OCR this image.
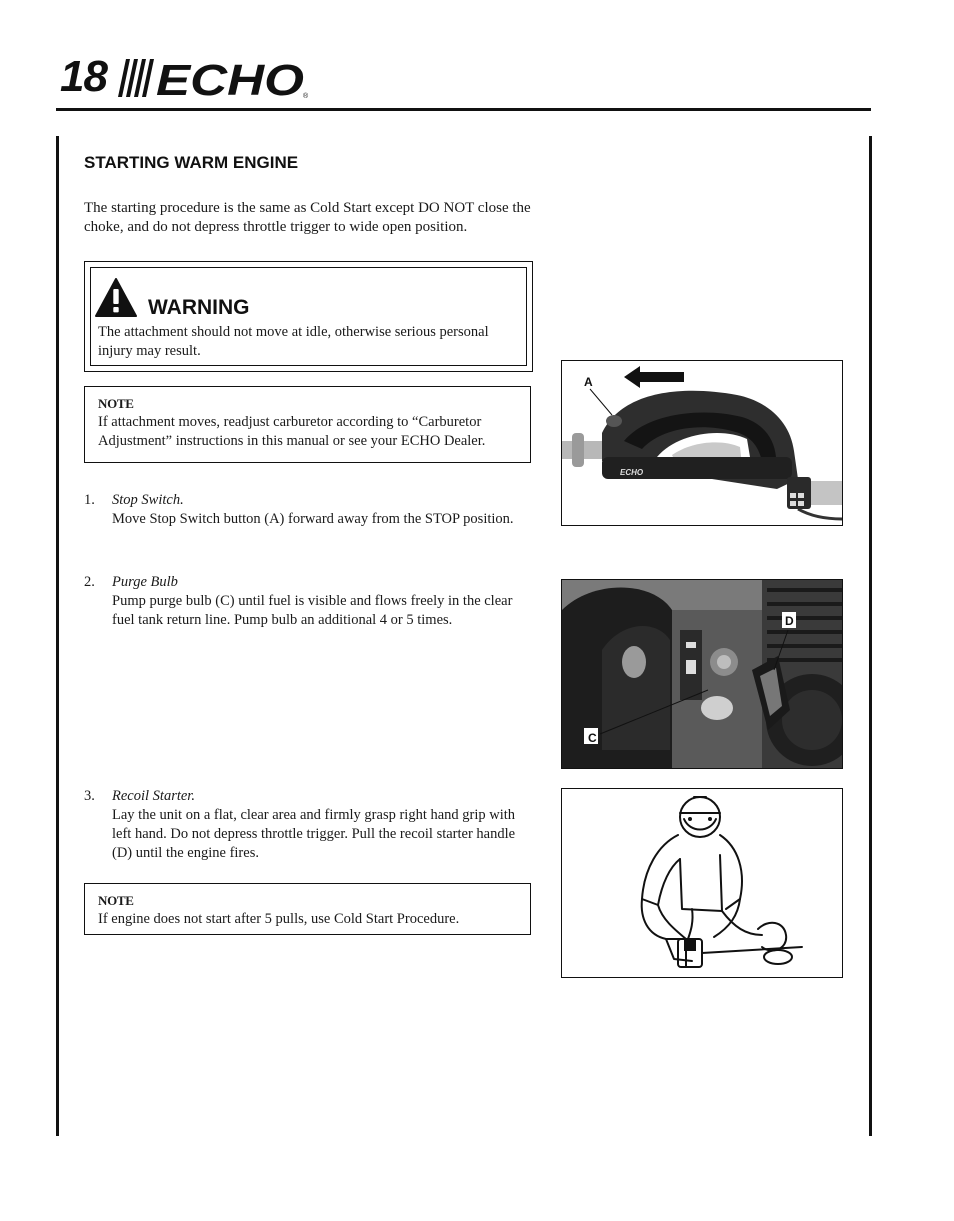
18 ECHO ®
STARTING WARM ENGINE

The starting procedure is the same as Cold Start except DO NOT close the choke, and do not depress throttle trigger to wide open position.

WARNING

The attachment should not move at idle, otherwise serious personal injury may result.

NOTE

If attachment moves, readjust carburetor according to “Carburetor Adjustment” instructions in this manual or see your ECHO Dealer.

1. Stop Switch.

Move Stop Switch button (A) forward away from the STOP position.

2. Purge Bulb

Pump purge bulb (C) until fuel is visible and flows freely in the clear fuel tank return line. Pump bulb an additional 4 or 5 times.

3. Recoil Starter.

Lay the unit on a flat, clear area and firmly grasp right hand grip with left hand. Do not depress throttle trigger. Pull the recoil starter handle (D) until the engine fires.

NOTE

If engine does not start after 5 pulls, use Cold Start Procedure.

ECHO
A
C
D
